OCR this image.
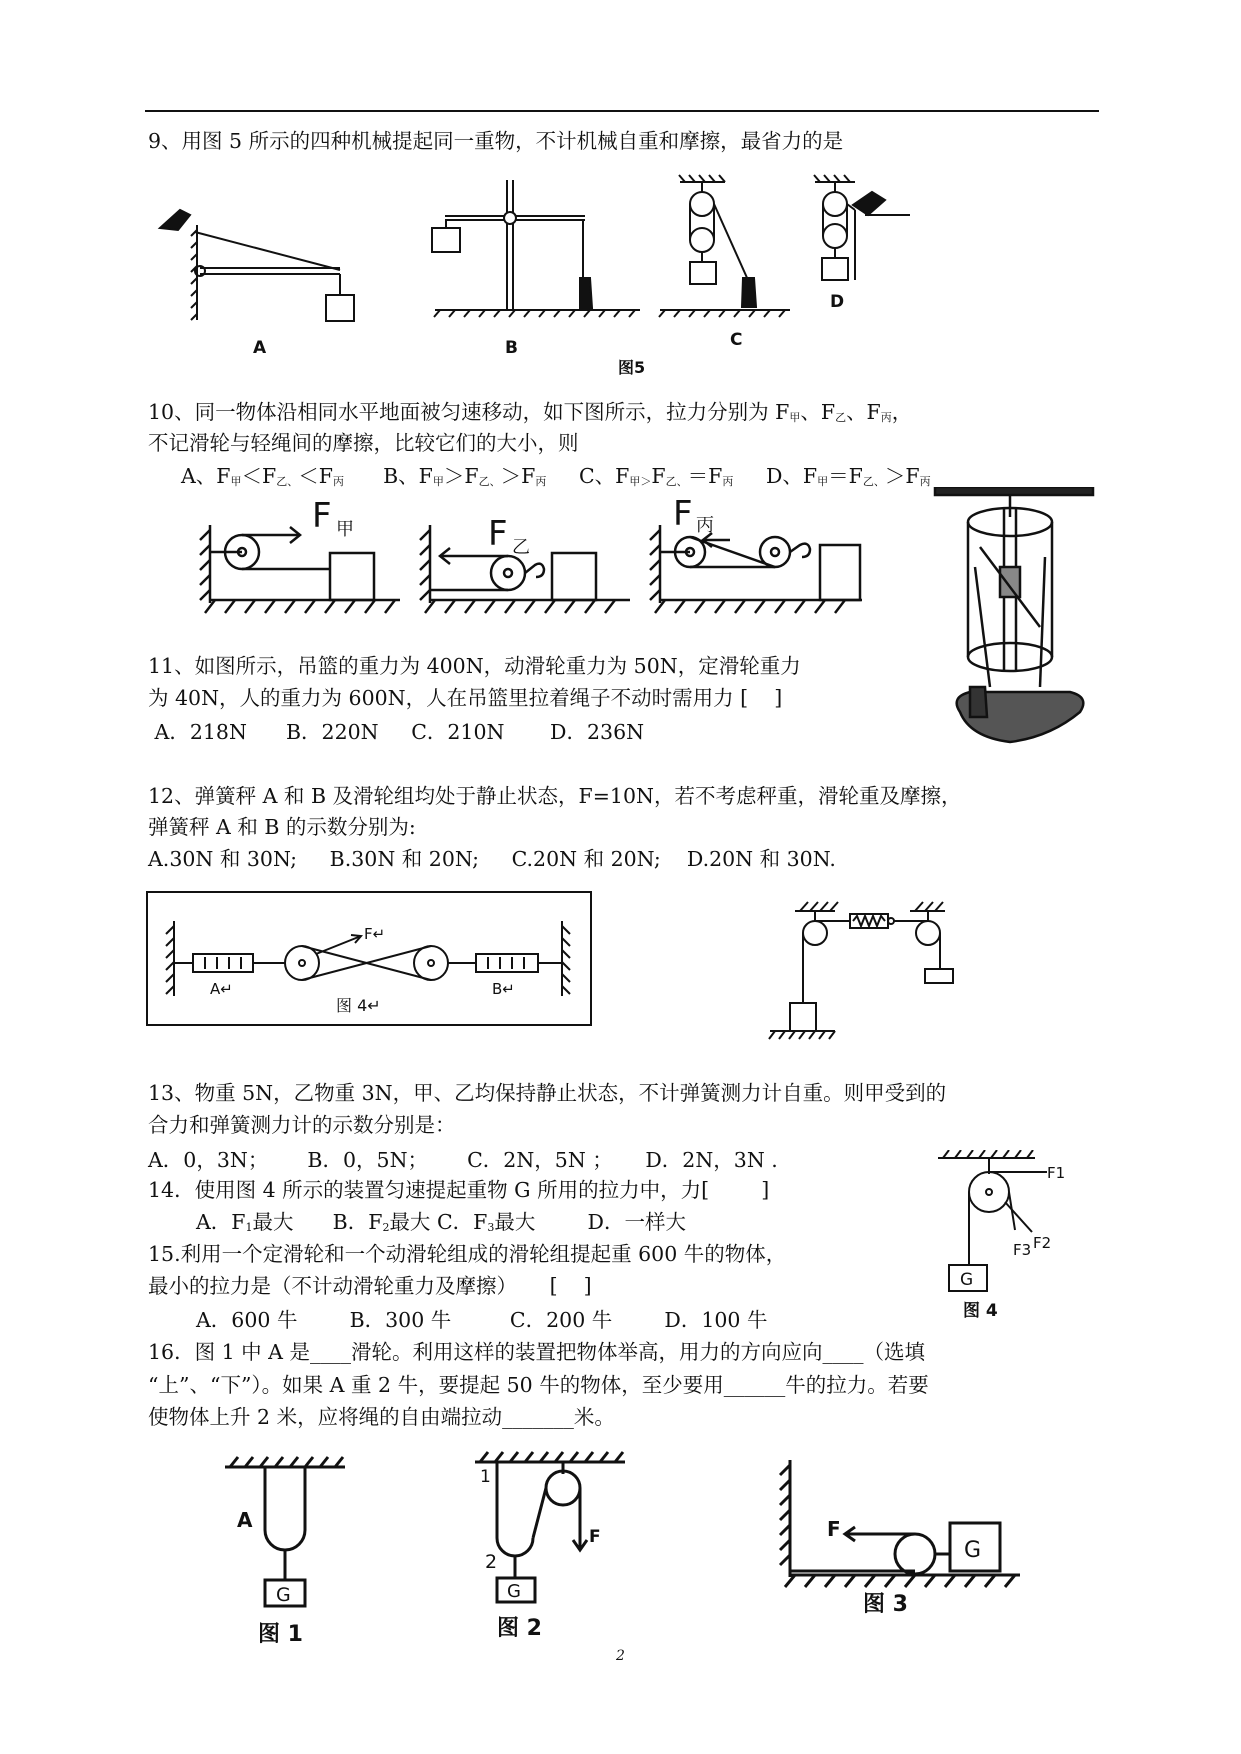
9、用图 5 所示的四种机械提起同一重物，不计机械自重和摩擦，最省力的是
A	B	C
D
图5
10、同一物体沿相同水平地面被匀速移动，如下图所示，拉力分别为 F甲、F乙、F丙，
不记滑轮与轻绳间的摩擦，比较它们的大小，则
A、F甲＜F乙、＜F丙 B、F甲＞F乙、＞F丙 C、F甲＞F乙、＝F丙 D、F甲＝F乙、＞F丙
F 甲	F 乙
F 丙
11、如图所示，吊篮的重力为 400N，动滑轮重力为 50N，定滑轮重力
为 40N，人的重力为 600N，人在吊篮里拉着绳子不动时需用力 [    ]
A．218N      B．220N     C．210N       D．236N
12、弹簧秤 A 和 B 及滑轮组均处于静止状态，F=10N，若不考虑秤重，滑轮重及摩擦，
弹簧秤 A 和 B 的示数分别为:
A.30N 和 30N;     B.30N 和 20N;     C.20N 和 20N;    D.20N 和 30N.
F↵
A↵	B↵
图 4↵
13、物重 5N，乙物重 3N，甲、乙均保持静止状态，不计弹簧测力计自重。则甲受到的
合力和弹簧测力计的示数分别是：
A．0，3N；      B．0，5N；      C．2N，5N ；     D．2N，3N .
14．使用图 4 所示的装置匀速提起重物 G 所用的拉力中，力[        ]
A．F1最大 B．F2最大 C．F3最大	D．一样大
F1
F2
F3
G
图 4
15.利用一个定滑轮和一个动滑轮组成的滑轮组提起重 600 牛的物体，
最小的拉力是（不计动滑轮重力及摩擦）     [    ]
A．600 牛        B．300 牛         C．200 牛        D．100 牛
16．图 1 中 A 是____滑轮。利用这样的装置把物体举高，用力的方向应向____（选填
“上”、“下”）。如果 A 重 2 牛，要提起 50 牛的物体，至少要用______牛的拉力。若要
使物体上升 2 米，应将绳的自由端拉动_______米。
A
G
图 1
1
2
F
G
图 2
F
G
图 3
2
